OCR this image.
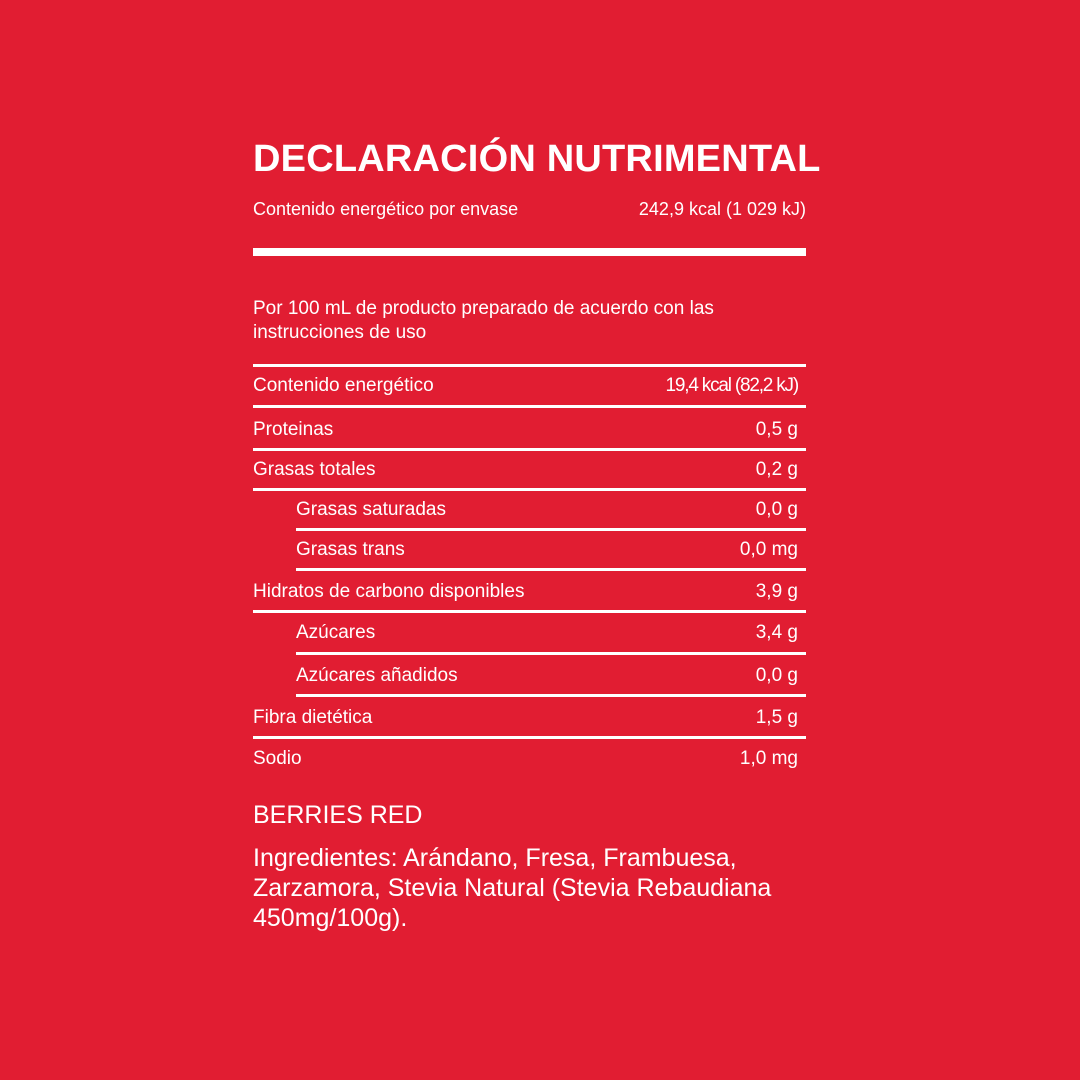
DECLARACIÓN NUTRIMENTAL
Contenido energético por envase	242,9 kcal (1 029 kJ)
Por 100 mL de producto preparado de acuerdo con las instrucciones de uso
Contenido energético	19,4 kcal (82,2 kJ)
Proteinas	0,5 g
Grasas totales	0,2 g
Grasas saturadas	0,0 g
Grasas trans	0,0 mg
Hidratos de carbono disponibles	3,9 g
Azúcares	3,4 g
Azúcares añadidos	0,0 g
Fibra dietética	1,5 g
Sodio	1,0 mg
BERRIES RED
Ingredientes: Arándano, Fresa, Frambuesa, Zarzamora, Stevia Natural (Stevia Rebaudiana 450mg/100g).
